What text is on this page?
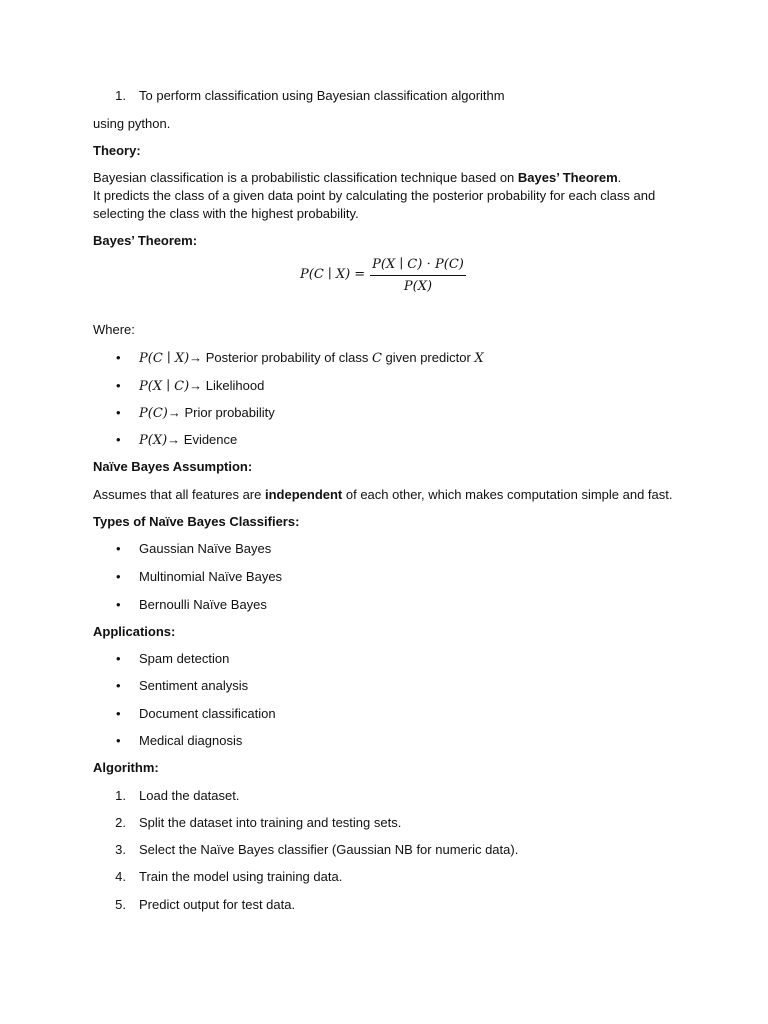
1. To perform classification using Bayesian classification algorithm
using python.
Theory:
Bayesian classification is a probabilistic classification technique based on Bayes’ Theorem.
It predicts the class of a given data point by calculating the posterior probability for each class and
selecting the class with the highest probability.
Bayes’ Theorem:
P(C ∣ X) =
P(X ∣ C) ⋅ P(C)
P(X)
Where:
• P(C ∣ X)→ Posterior probability of class C given predictor X
• P(X ∣ C)→ Likelihood
• P(C)→ Prior probability
• P(X)→ Evidence
Naïve Bayes Assumption:
Assumes that all features are independent of each other, which makes computation simple and fast.
Types of Naïve Bayes Classifiers:
• Gaussian Naïve Bayes
• Multinomial Naïve Bayes
• Bernoulli Naïve Bayes
Applications:
• Spam detection
• Sentiment analysis
• Document classification
• Medical diagnosis
Algorithm:
1. Load the dataset.
2. Split the dataset into training and testing sets.
3. Select the Naïve Bayes classifier (Gaussian NB for numeric data).
4. Train the model using training data.
5. Predict output for test data.
